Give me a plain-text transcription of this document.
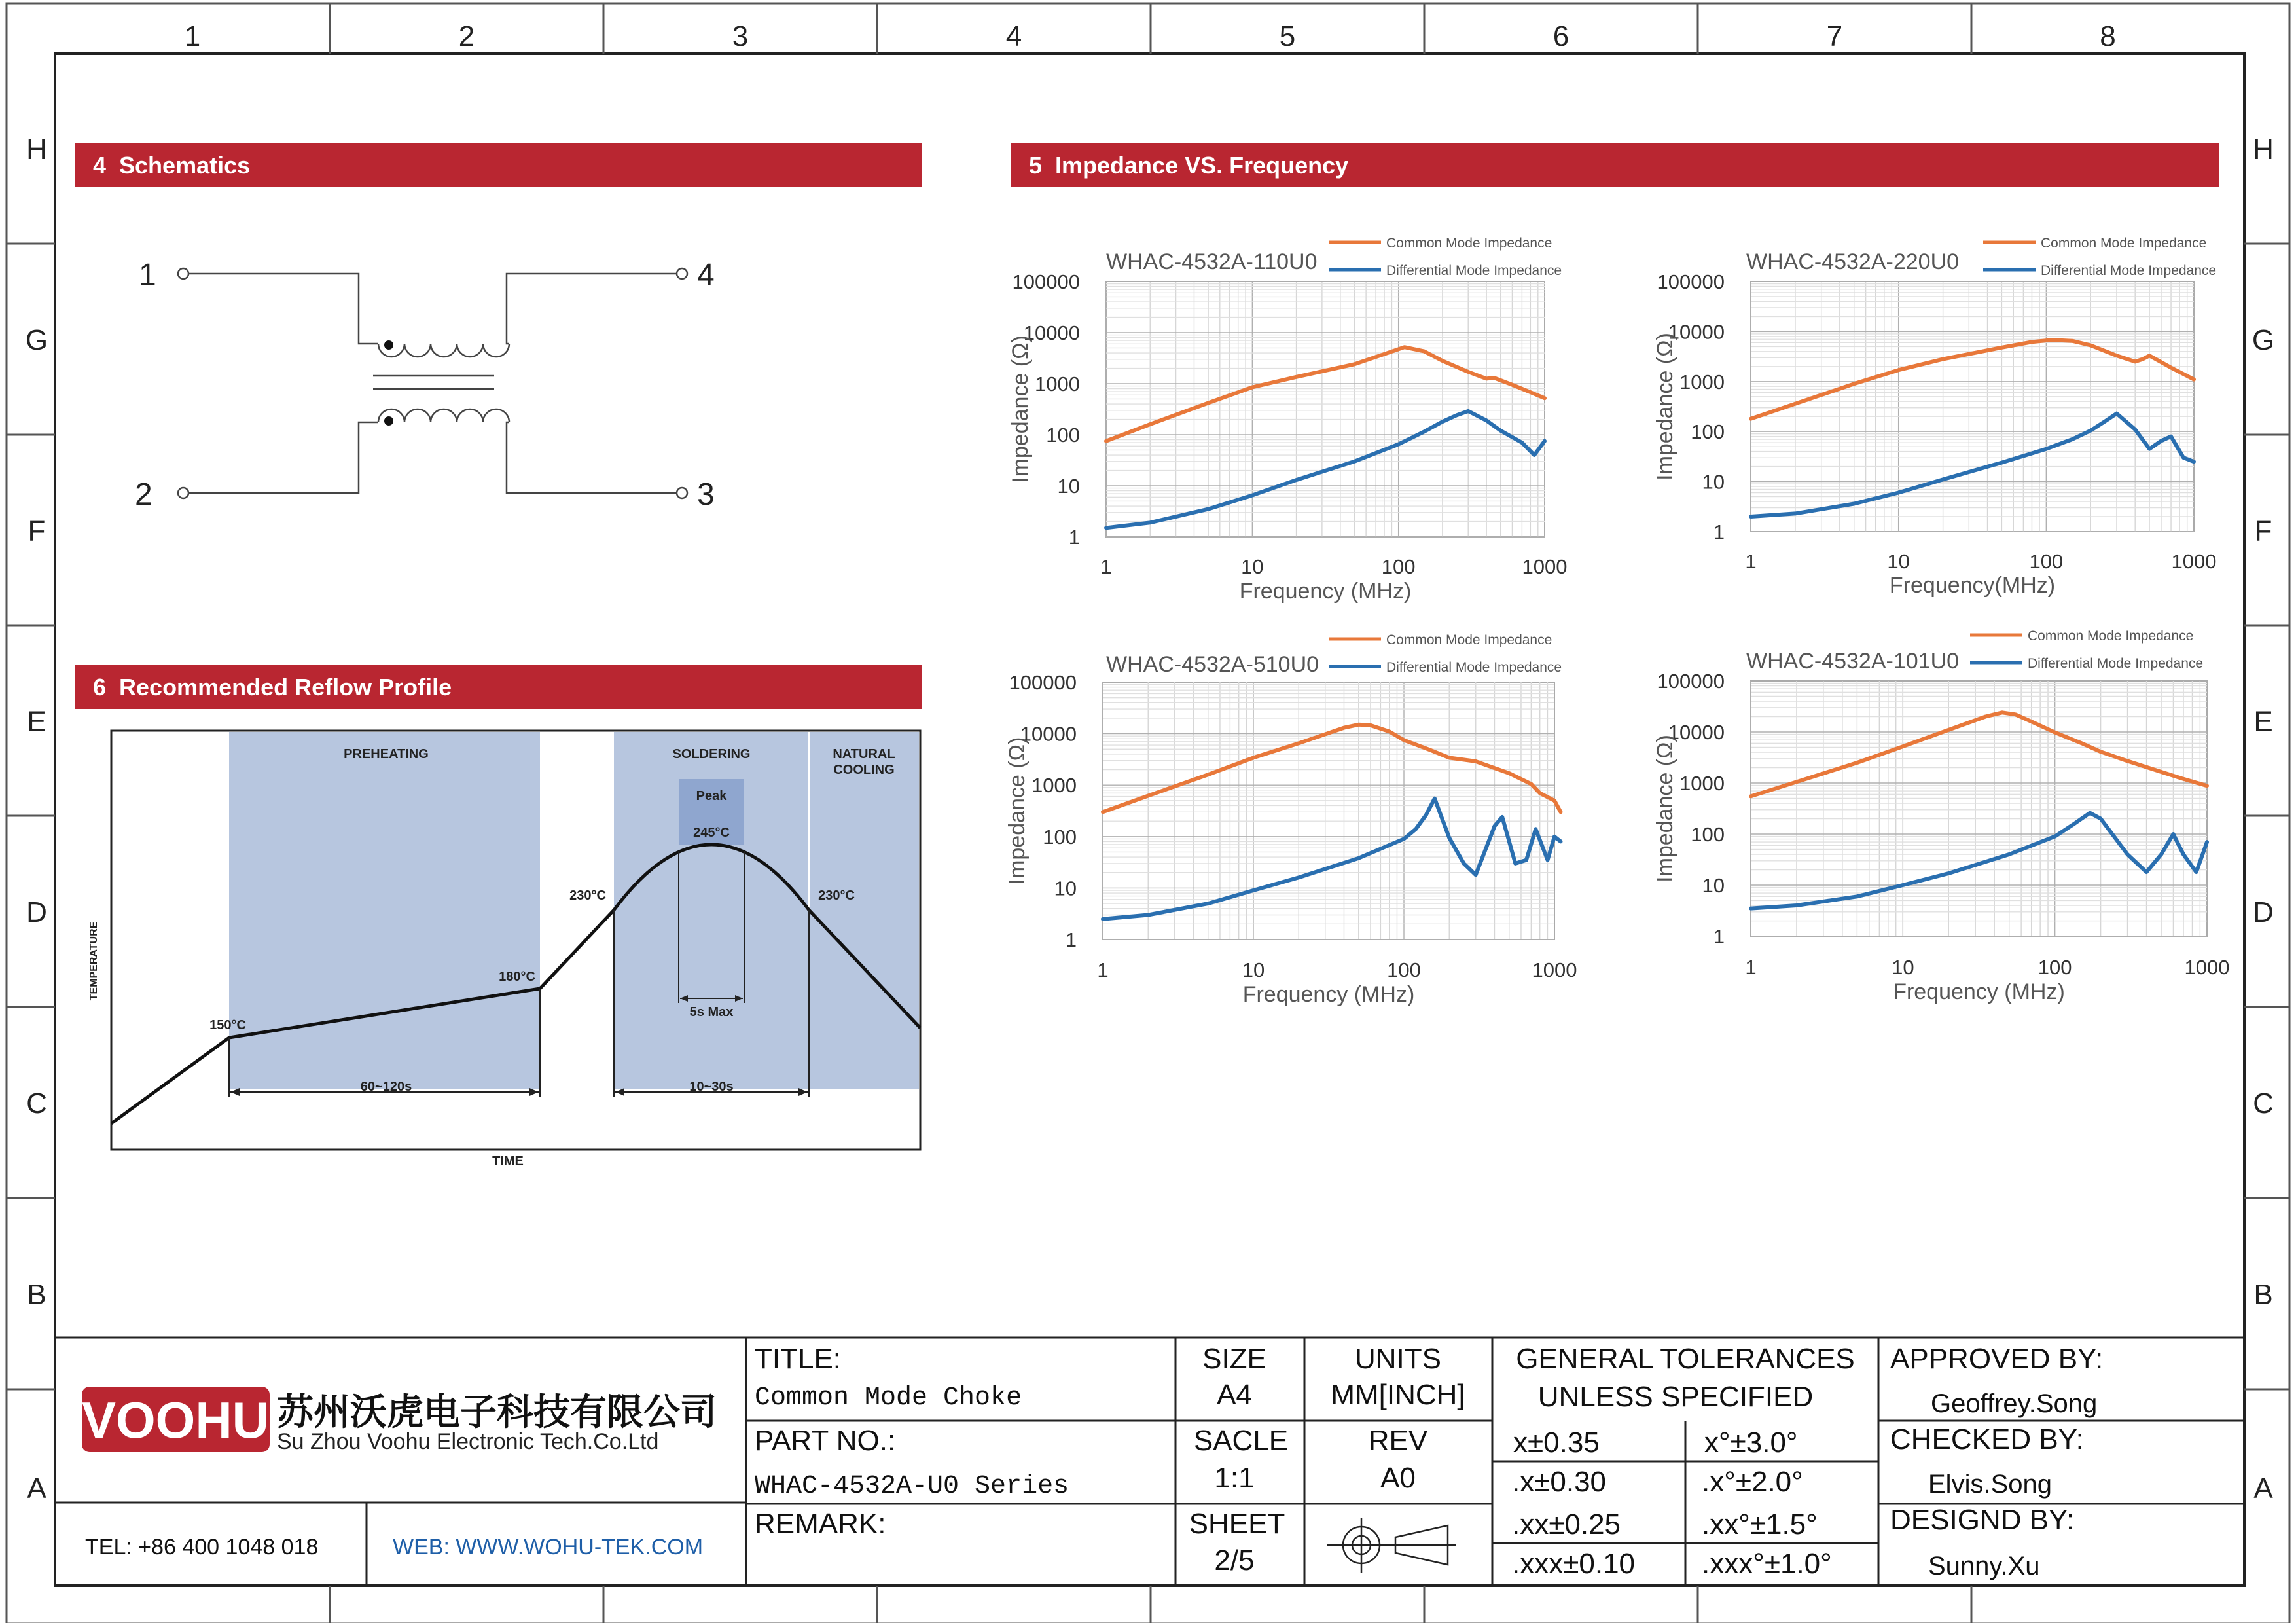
1	2	3	4	5	6	7	8
H	H
G	G
F	F
E	E
D	D
C	C
B	B
A	A
4  Schematics	5  Impedance VS. Frequency
6  Recommended Reflow Profile
1	4
2	3
PREHEATING	SOLDERING	NATURAL
COOLING
Peak
245°C
150°C
180°C
230°C	230°C
60~120s	10~30s
5s Max
TIME
TEMPERATURE
WHAC-4532A-110U0
1
10
100
1000
10000
100000
1	10	100	1000
Frequency (MHz)
Impedance (Ω)
Common Mode Impedance
Differential Mode Impedance	WHAC-4532A-220U0
1
10
100
1000
10000
100000
1	10	100	1000
Frequency(MHz)
Impedance (Ω)
Common Mode Impedance
Differential Mode Impedance
WHAC-4532A-510U0
1
10
100
1000
10000
100000
1	10	100	1000
Frequency (MHz)
Impedance (Ω)
Common Mode Impedance
Differential Mode Impedance	WHAC-4532A-101U0
1
10
100
1000
10000
100000
1	10	100	1000
Frequency (MHz)
Impedance (Ω)
Common Mode Impedance
Differential Mode Impedance
VOOHU 苏州沃虎电子科技有限公司
Su Zhou Voohu Electronic Tech.Co.Ltd
TEL: +86 400 1048 018	WEB: WWW.WOHU-TEK.COM
TITLE:
Common Mode Choke
PART NO.:
WHAC-4532A-U0 Series
REMARK:
SIZE
A4
SACLE
1:1
SHEET
2/5
UNITS
MM[INCH]
REV
A0
GENERAL TOLERANCES
UNLESS SPECIFIED
x±0.35	x°±3.0°
.x±0.30	.x°±2.0°
.xx±0.25	.xx°±1.5°
.xxx±0.10 .xxx°±1.0°
APPROVED BY:
Geoffrey.Song
CHECKED BY:
Elvis.Song
DESIGND BY:
Sunny.Xu
